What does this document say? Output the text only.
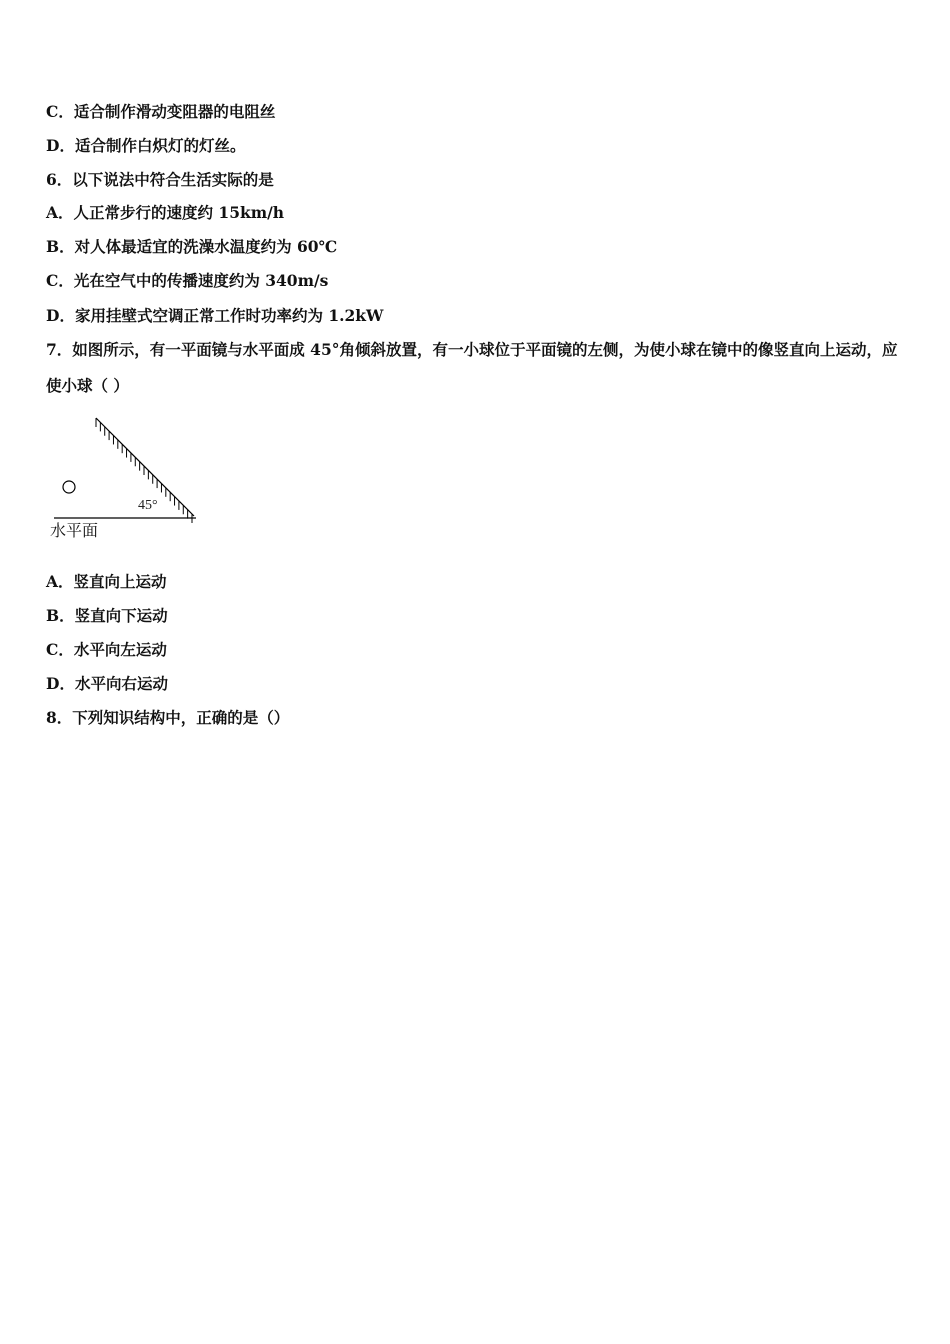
C．适合制作滑动变阻器的电阻丝
D．适合制作白炽灯的灯丝。
6．以下说法中符合生活实际的是
A．人正常步行的速度约 15km/h
B．对人体最适宜的洗澡水温度约为 60℃
C．光在空气中的传播速度约为 340m/s
D．家用挂壁式空调正常工作时功率约为 1.2kW
7．如图所示，有一平面镜与水平面成 45°角倾斜放置，有一小球位于平面镜的左侧，为使小球在镜中的像竖直向上运动，应使小球（ ）
45°
水平面
A．竖直向上运动
B．竖直向下运动
C．水平向左运动
D．水平向右运动
8．下列知识结构中，正确的是（）
